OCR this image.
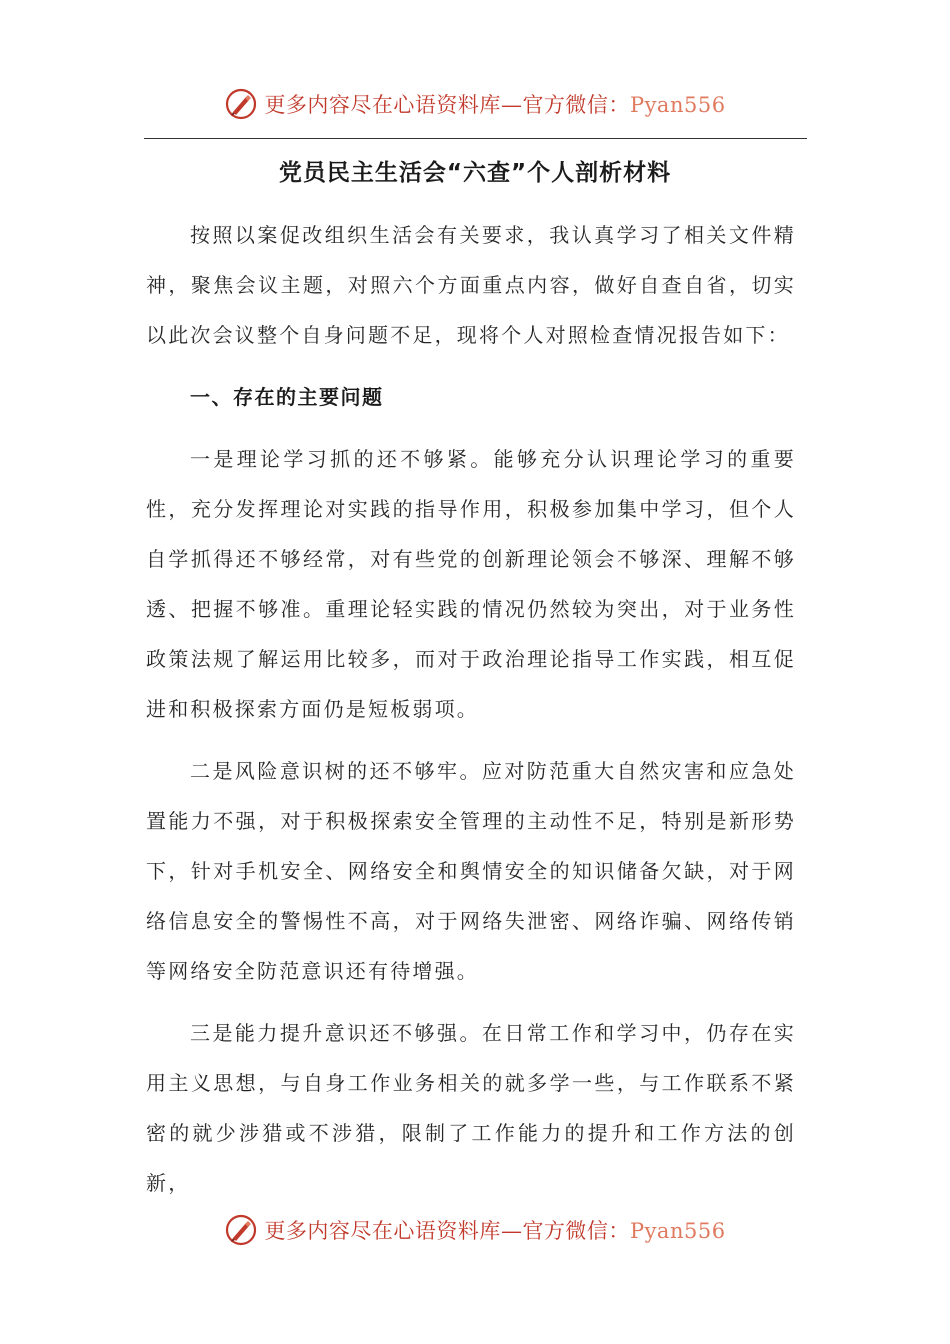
更多内容尽在心语资料库—官方微信：Pyan556
党员民主生活会“六查”个人剖析材料

按照以案促改组织生活会有关要求，我认真学习了相关文件精神，聚焦会议主题，对照六个方面重点内容，做好自查自省，切实以此次会议整个自身问题不足，现将个人对照检查情况报告如下：

一、存在的主要问题

一是理论学习抓的还不够紧。能够充分认识理论学习的重要性，充分发挥理论对实践的指导作用，积极参加集中学习，但个人自学抓得还不够经常，对有些党的创新理论领会不够深、理解不够透、把握不够准。重理论轻实践的情况仍然较为突出，对于业务性政策法规了解运用比较多，而对于政治理论指导工作实践，相互促进和积极探索方面仍是短板弱项。

二是风险意识树的还不够牢。应对防范重大自然灾害和应急处置能力不强，对于积极探索安全管理的主动性不足，特别是新形势下，针对手机安全、网络安全和舆情安全的知识储备欠缺，对于网络信息安全的警惕性不高，对于网络失泄密、网络诈骗、网络传销等网络安全防范意识还有待增强。

三是能力提升意识还不够强。在日常工作和学习中，仍存在实用主义思想，与自身工作业务相关的就多学一些，与工作联系不紧密的就少涉猎或不涉猎，限制了工作能力的提升和工作方法的创新，

更多内容尽在心语资料库—官方微信：Pyan556
